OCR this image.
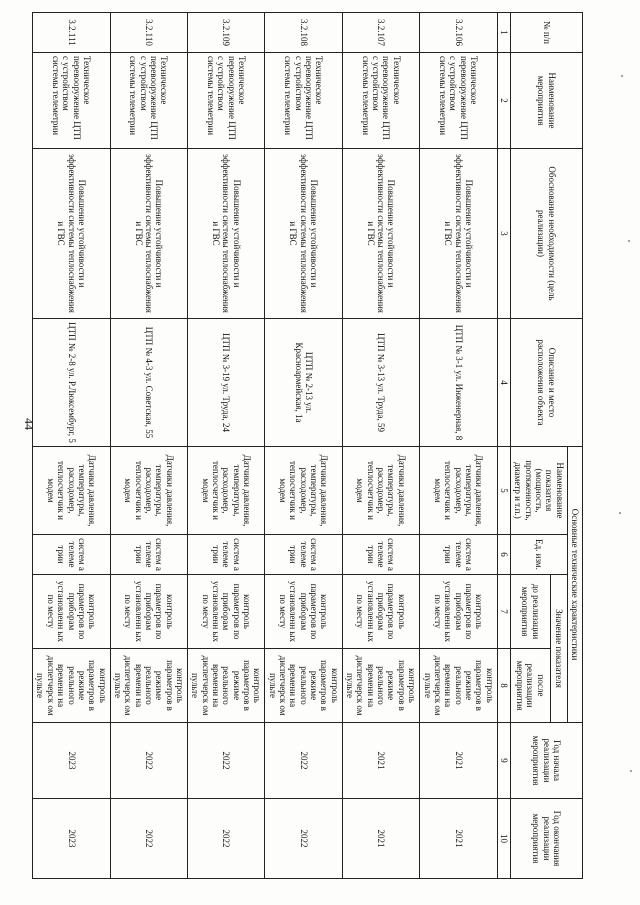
44
№ п/п	Наименование мероприятия	Обоснование необходимости (цель реализации)	Описание и место расположения объекта	Основные технические характеристики				Год начала реализации мероприятия	Год окончания реализации мероприятия
				Наименование показателя (мощность, протяженность, диаметр и т.п.)	Ед. изм.	Значение показателя			
						до реализации мероприятия	после реализации мероприятия		
1	2	3	4	5	6	7	8	9	10
3.2.106	Техническое перевооружение ЦТП с устройством системы телеметрии	Повышение устойчивости и эффективности системы теплоснабжения и ГВС	ЦТП № 3-1 ул. Инженерная, 8	Датчики давления, температуры, расходомер, теплосчетчик и модем	систем а телеме трии	контроль параметров по приборам установленн ых по месту	контроль параметров в режиме реального времени на диспетчерск ом пульте	2021	2021
3.2.107	Техническое перевооружение ЦТП с устройством системы телеметрии	Повышение устойчивости и эффективности системы теплоснабжения и ГВС	ЦТП № 3-13 ул. Труда, 59	Датчики давления, температуры, расходомер, теплосчетчик и модем	систем а телеме трии	контроль параметров по приборам установленн ых по месту	контроль параметров в режиме реального времени на диспетчерск ом пульте	2021	2021
3.2.108	Техническое перевооружение ЦТП с устройством системы телеметрии	Повышение устойчивости и эффективности системы теплоснабжения и ГВС	ЦТП № 2-13 ул. Красноармейская, 1а	Датчики давления, температуры, расходомер, теплосчетчик и модем	систем а телеме трии	контроль параметров по приборам установленн ых по месту	контроль параметров в режиме реального времени на диспетчерск ом пульте	2022	2022
3.2.109	Техническое перевооружение ЦТП с устройством системы телеметрии	Повышение устойчивости и эффективности системы теплоснабжения и ГВС	ЦТП № 3-19 ул. Труда, 24	Датчики давления, температуры, расходомер, теплосчетчик и модем	систем а телеме трии	контроль параметров по приборам установленн ых по месту	контроль параметров в режиме реального времени на диспетчерск ом пульте	2022	2022
3.2.110	Техническое перевооружение ЦТП с устройством системы телеметрии	Повышение устойчивости и эффективности системы теплоснабжения и ГВС	ЦТП № 4-3 ул. Советская, 55	Датчики давления, температуры, расходомер, теплосчетчик и модем	систем а телеме трии	контроль параметров по приборам установленн ых по месту	контроль параметров в режиме реального времени на диспетчерск ом пульте	2022	2022
3.2.111	Техническое перевооружение ЦТП с устройством системы телеметрии	Повышение устойчивости и эффективности системы теплоснабжения и ГВС	ЦТП № 2-8 ул. Р.Люксембург, 5	Датчики давления, температуры, расходомер, теплосчетчик и модем	систем а телеме трии	контроль параметров по приборам установленн ых по месту	контроль параметров в режиме реального времени на диспетчерск ом пульте	2023	2023
